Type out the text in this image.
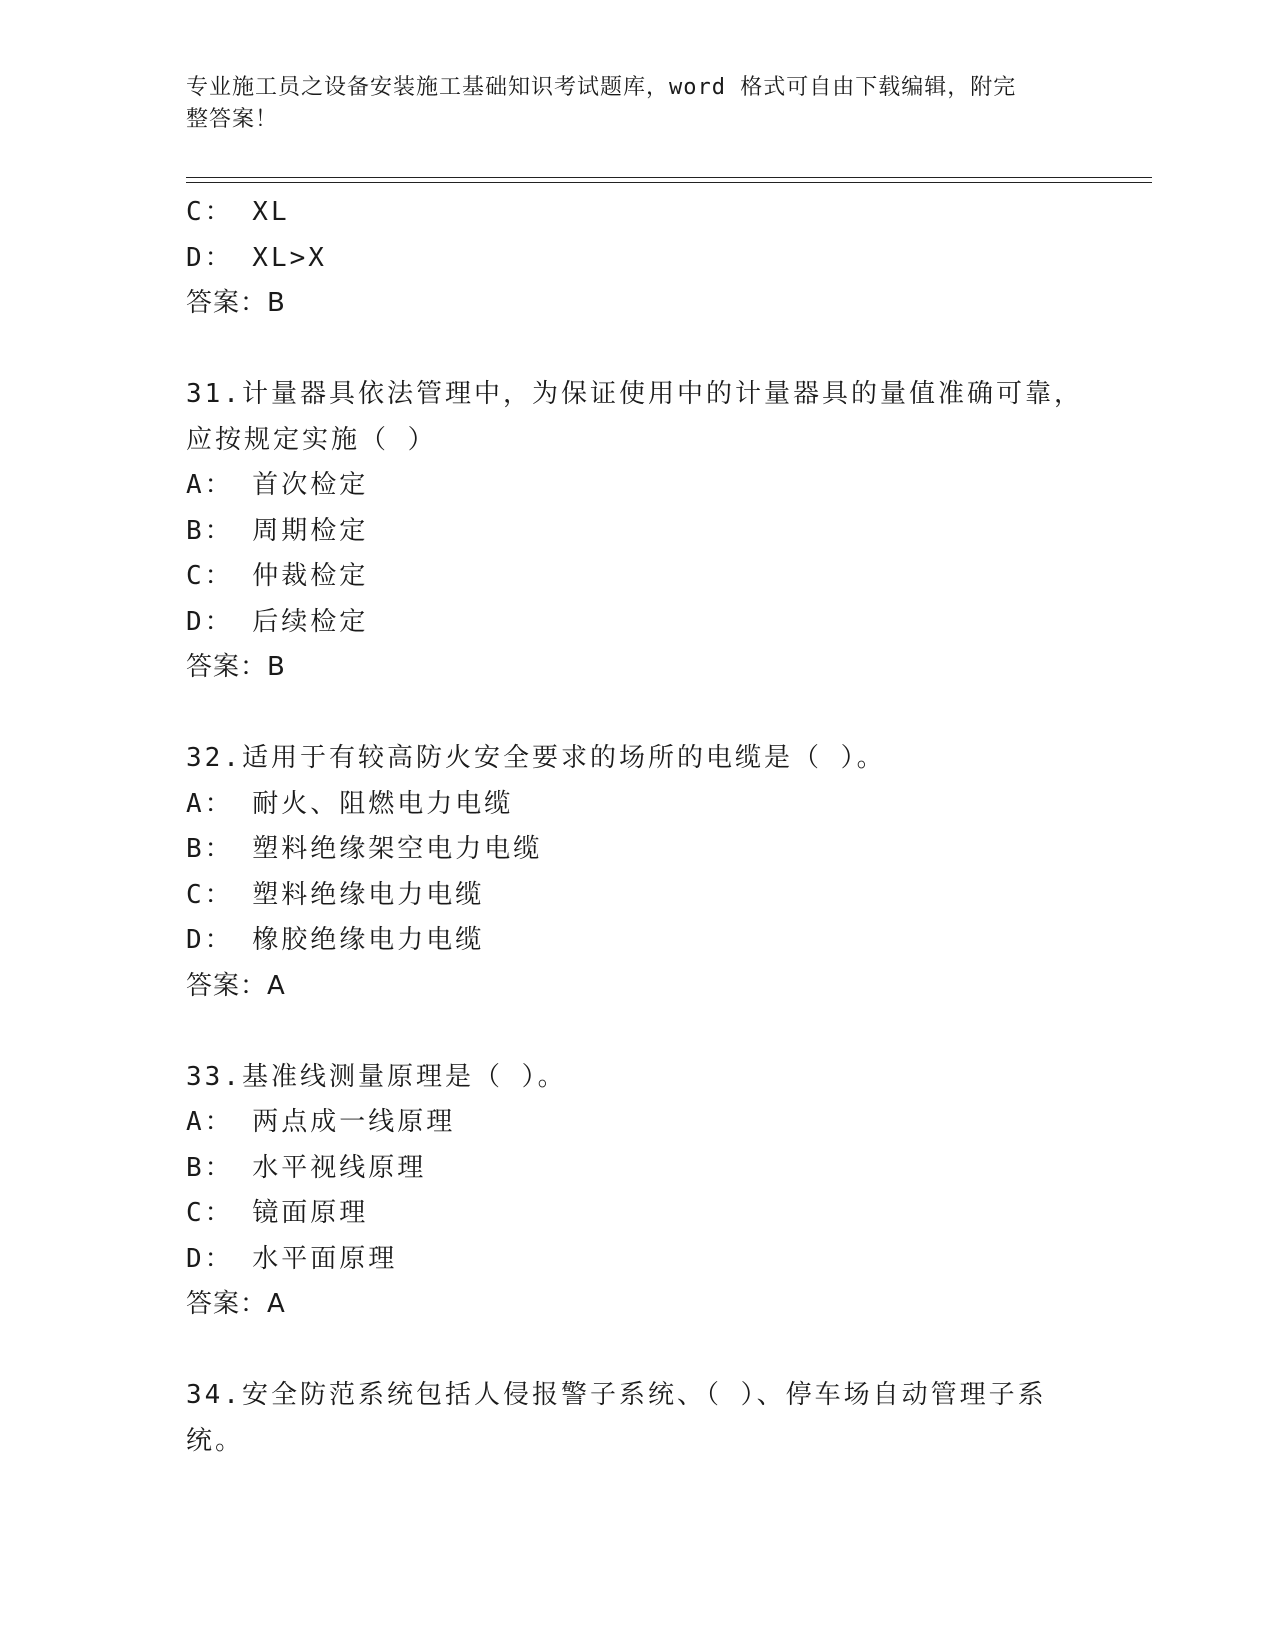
专业施工员之设备安装施工基础知识考试题库，word 格式可自由下载编辑，附完
整答案！
C： XL
D： XL>X
答案：B
31.计量器具依法管理中，为保证使用中的计量器具的量值准确可靠，
应按规定实施（ ）
A： 首次检定
B： 周期检定
C： 仲裁检定
D： 后续检定
答案：B
32.适用于有较高防火安全要求的场所的电缆是（ ）。
A： 耐火、阻燃电力电缆
B： 塑料绝缘架空电力电缆
C： 塑料绝缘电力电缆
D： 橡胶绝缘电力电缆
答案：A
33.基准线测量原理是（ ）。
A： 两点成一线原理
B： 水平视线原理
C： 镜面原理
D： 水平面原理
答案：A
34.安全防范系统包括人侵报警子系统、（ ）、停车场自动管理子系
统。
